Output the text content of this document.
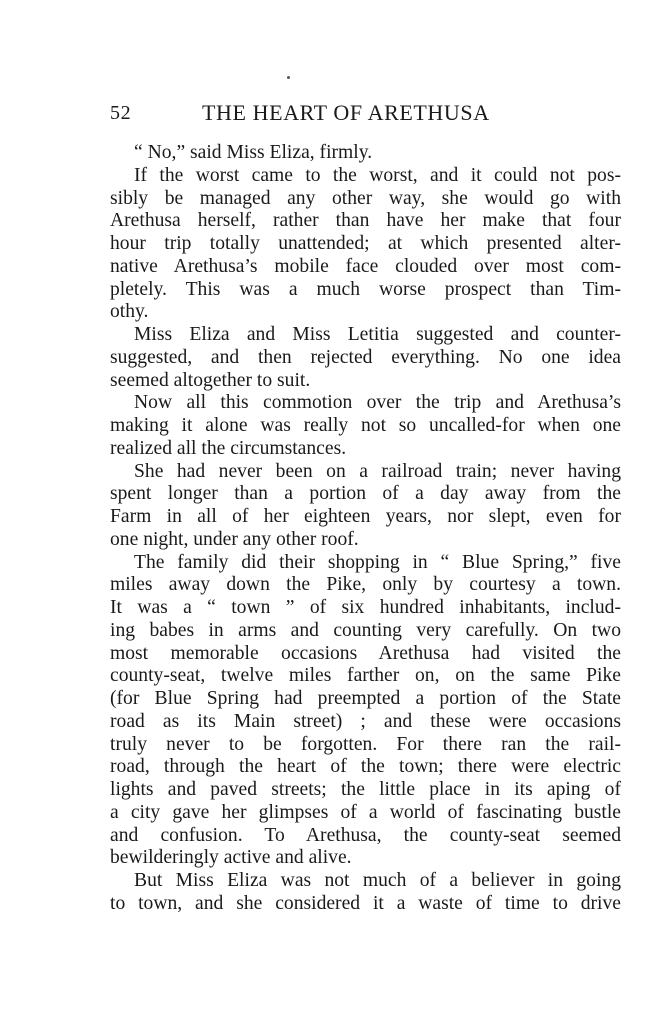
52	THE HEART OF ARETHUSA
“ No,” said Miss Eliza, firmly.
If the worst came to the worst, and it could not pos-
sibly be managed any other way, she would go with
Arethusa herself, rather than have her make that four
hour trip totally unattended; at which presented alter-
native Arethusa’s mobile face clouded over most com-
pletely. This was a much worse prospect than Tim-
othy.
Miss Eliza and Miss Letitia suggested and counter-
suggested, and then rejected everything. No one idea
seemed altogether to suit.
Now all this commotion over the trip and Arethusa’s
making it alone was really not so uncalled-for when one
realized all the circumstances.
She had never been on a railroad train; never having
spent longer than a portion of a day away from the
Farm in all of her eighteen years, nor slept, even for
one night, under any other roof.
The family did their shopping in “ Blue Spring,” five
miles away down the Pike, only by courtesy a town.
It was a “ town ” of six hundred inhabitants, includ-
ing babes in arms and counting very carefully. On two
most memorable occasions Arethusa had visited the
county-seat, twelve miles farther on, on the same Pike
(for Blue Spring had preempted a portion of the State
road as its Main street) ; and these were occasions
truly never to be forgotten. For there ran the rail-
road, through the heart of the town; there were electric
lights and paved streets; the little place in its aping of
a city gave her glimpses of a world of fascinating bustle
and confusion. To Arethusa, the county-seat seemed
bewilderingly active and alive.
But Miss Eliza was not much of a believer in going
to town, and she considered it a waste of time to drive
